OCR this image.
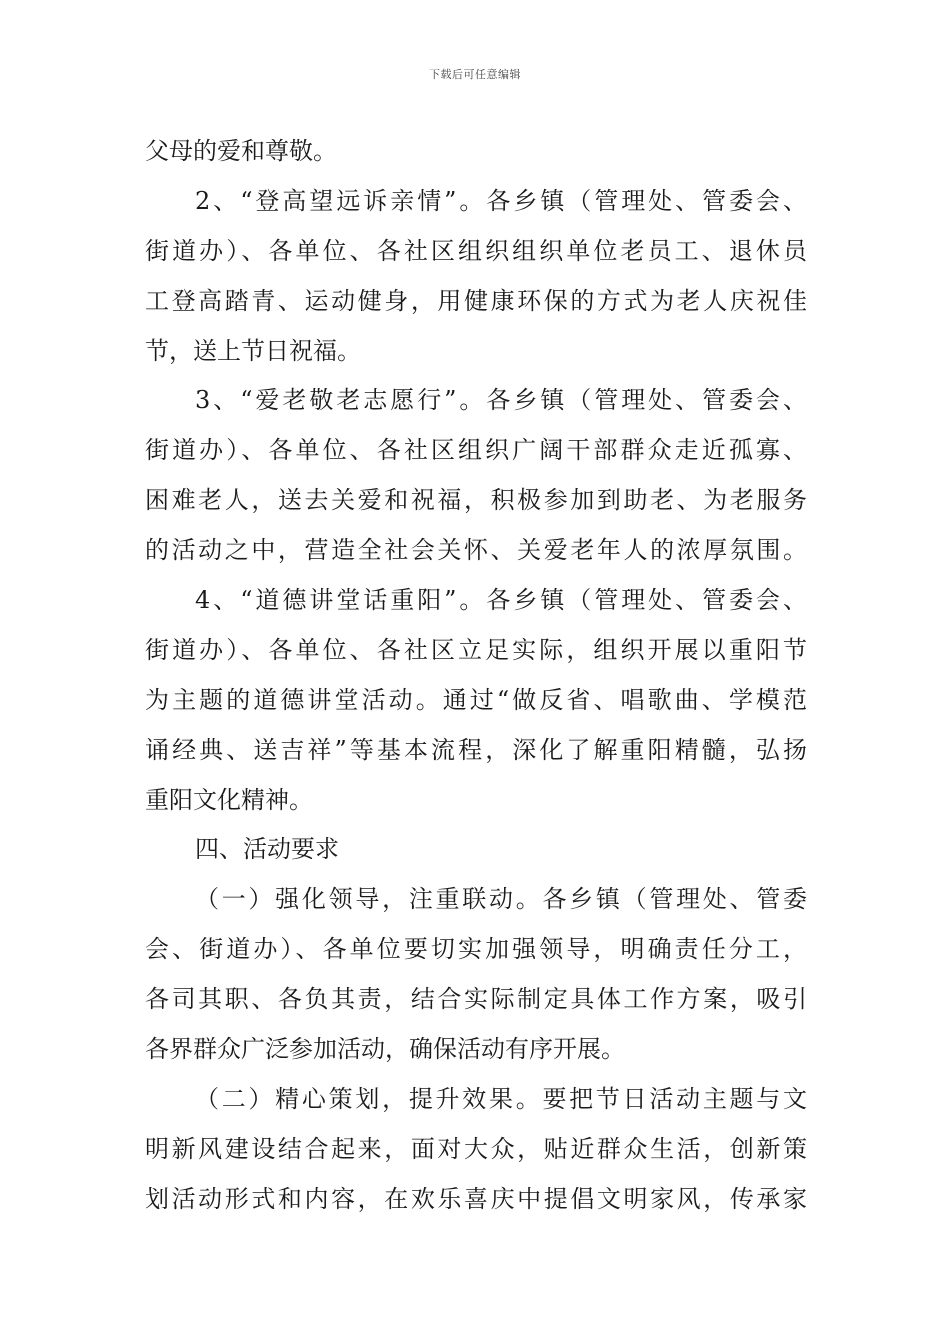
下载后可任意编辑
父母的爱和尊敬。
2、“登高望远诉亲情”。各乡镇（管理处、管委会、
街道办）、各单位、各社区组织组织单位老员工、退休员
工登高踏青、运动健身，用健康环保的方式为老人庆祝佳
节，送上节日祝福。
3、“爱老敬老志愿行”。各乡镇（管理处、管委会、
街道办）、各单位、各社区组织广阔干部群众走近孤寡、
困难老人，送去关爱和祝福，积极参加到助老、为老服务
的活动之中，营造全社会关怀、关爱老年人的浓厚氛围。
4、“道德讲堂话重阳”。各乡镇（管理处、管委会、
街道办）、各单位、各社区立足实际，组织开展以重阳节
为主题的道德讲堂活动。通过“做反省、唱歌曲、学模范
诵经典、送吉祥”等基本流程，深化了解重阳精髓，弘扬
重阳文化精神。
四、活动要求
（一）强化领导，注重联动。各乡镇（管理处、管委
会、街道办）、各单位要切实加强领导，明确责任分工，
各司其职、各负其责，结合实际制定具体工作方案，吸引
各界群众广泛参加活动，确保活动有序开展。
（二）精心策划，提升效果。要把节日活动主题与文
明新风建设结合起来，面对大众，贴近群众生活，创新策
划活动形式和内容，在欢乐喜庆中提倡文明家风，传承家
